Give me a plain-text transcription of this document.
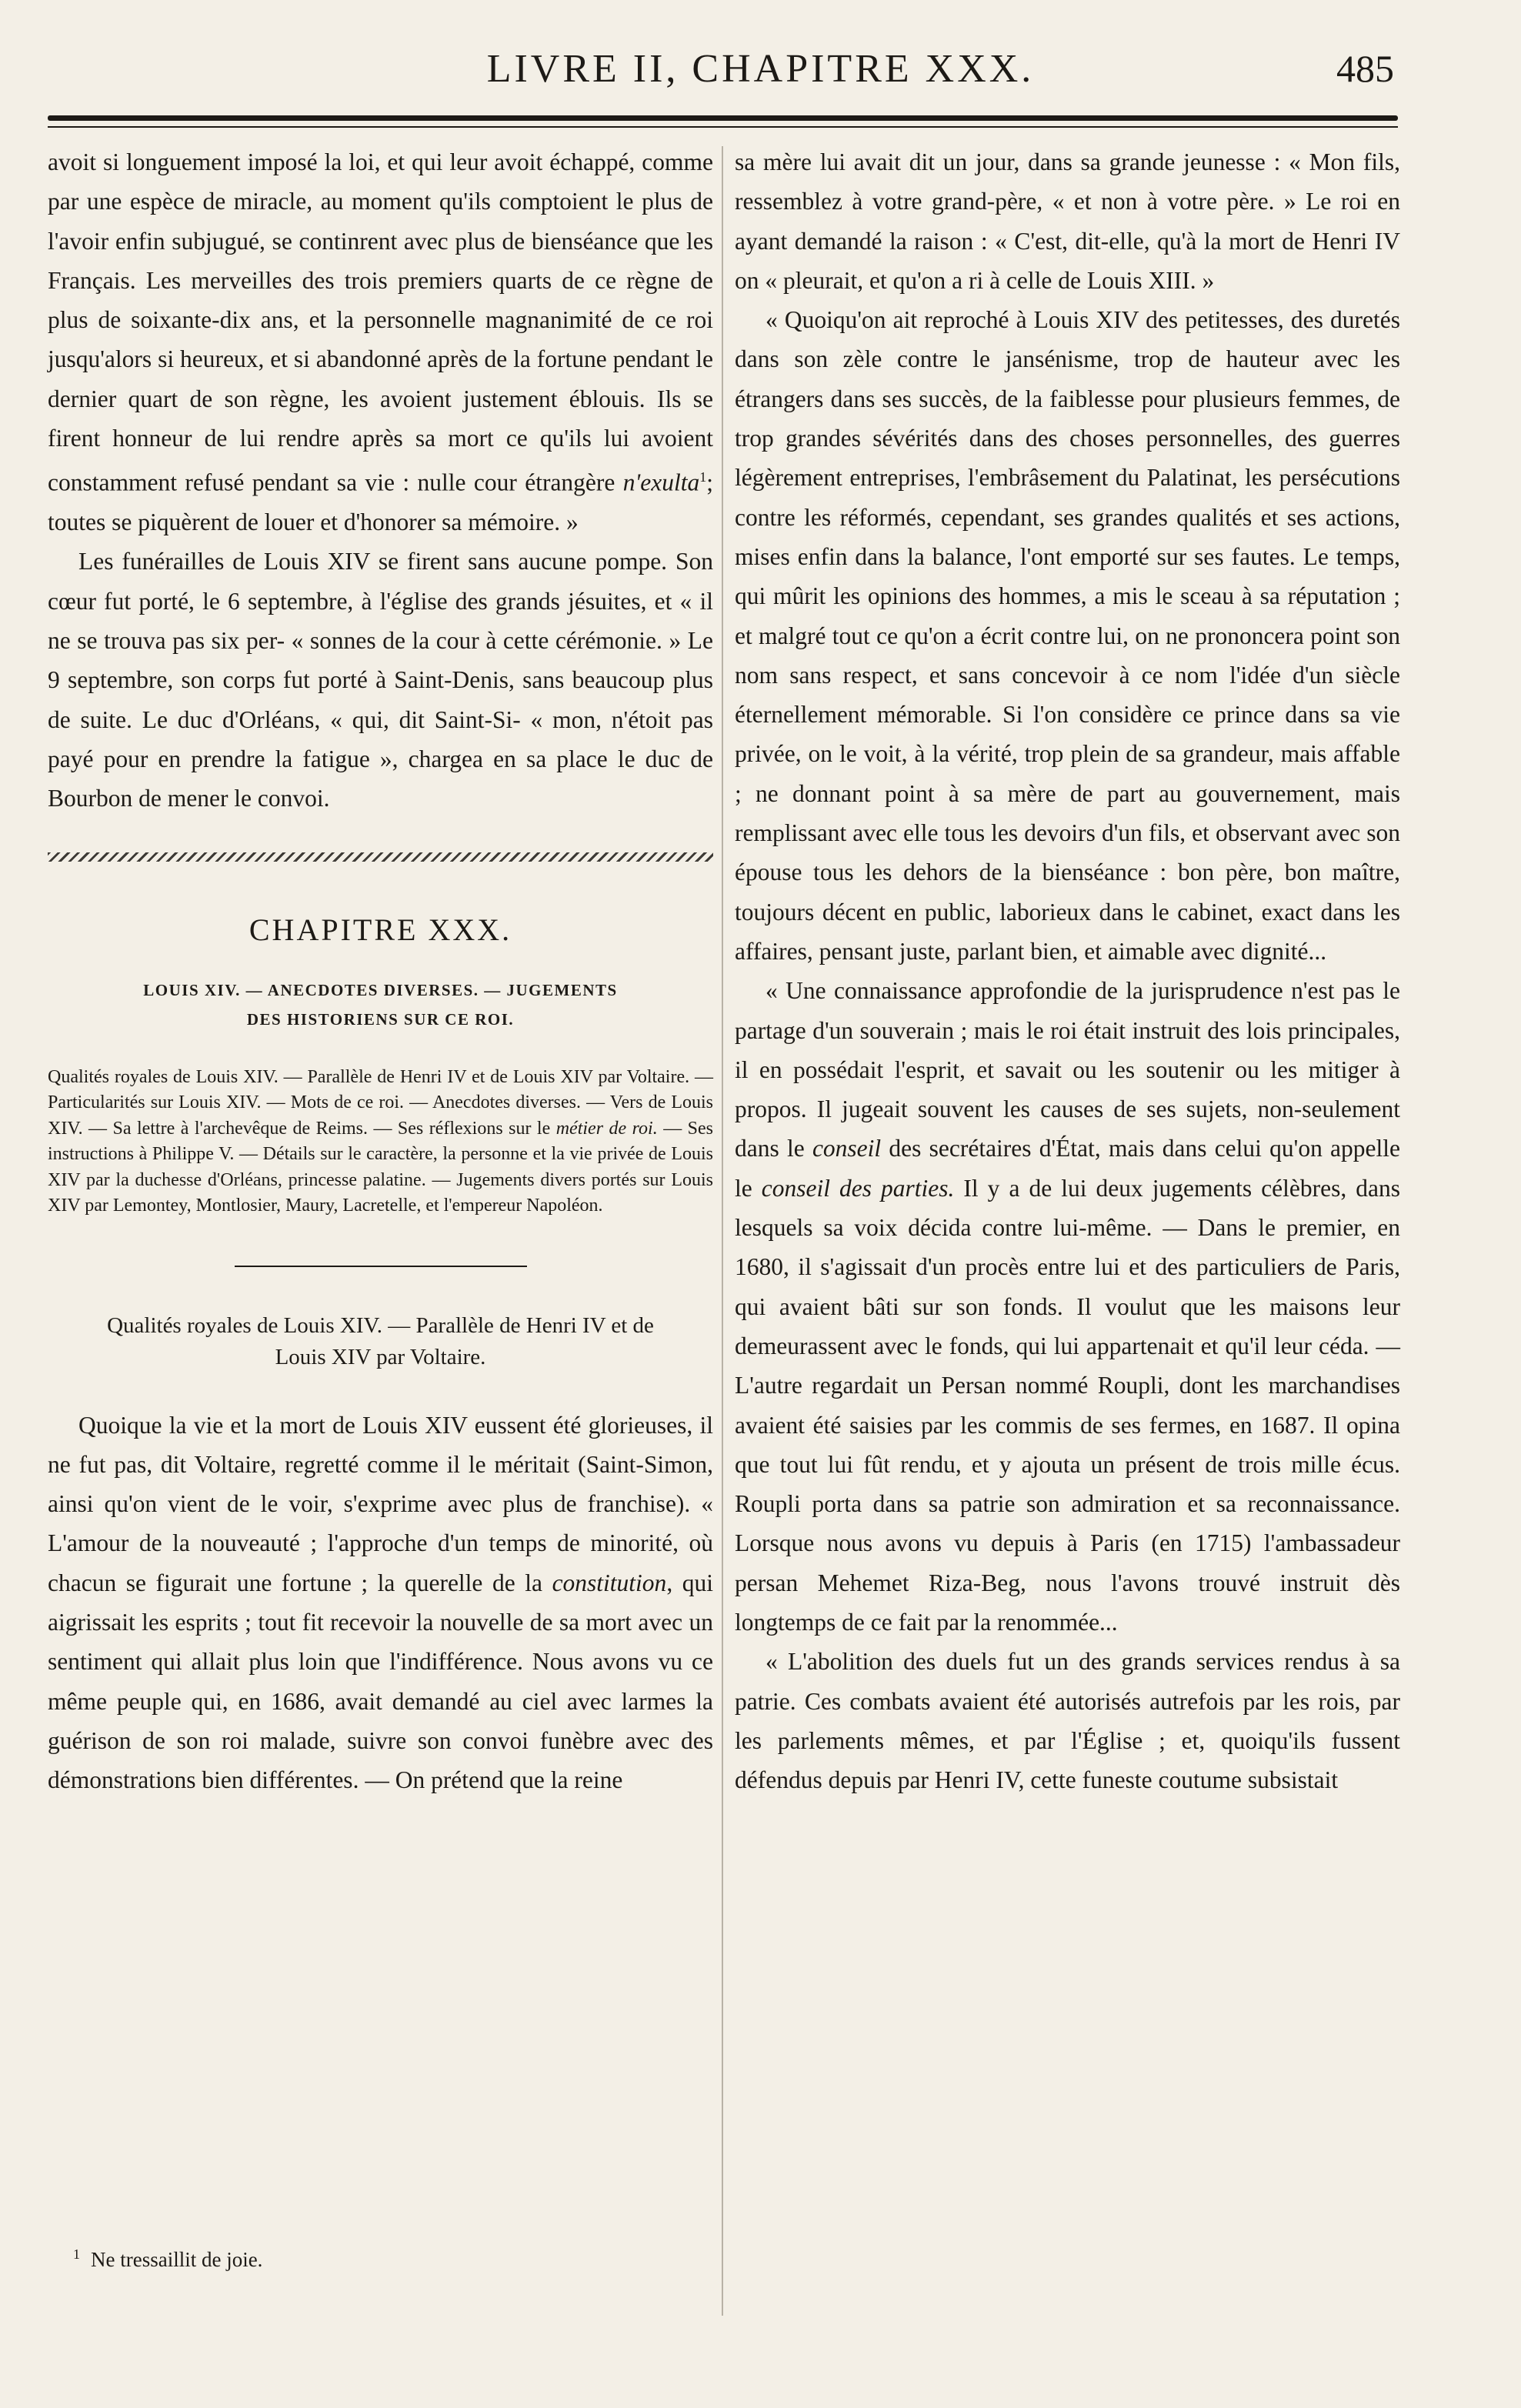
LIVRE II, CHAPITRE XXX.	485

avoit si longuement imposé la loi, et qui leur avoit échappé, comme par une espèce de miracle, au moment qu'ils comptoient le plus de l'avoir enfin subjugué, se continrent avec plus de bienséance que les Français. Les merveilles des trois premiers quarts de ce règne de plus de soixante-dix ans, et la personnelle magnanimité de ce roi jusqu'alors si heureux, et si abandonné après de la fortune pendant le dernier quart de son règne, les avoient justement éblouis. Ils se firent honneur de lui rendre après sa mort ce qu'ils lui avoient constamment refusé pendant sa vie : nulle cour étrangère n'exulta$^1$; toutes se piquèrent de louer et d'honorer sa mémoire. »

Les funérailles de Louis XIV se firent sans aucune pompe. Son cœur fut porté, le 6 septembre, à l'église des grands jésuites, et « il ne se trouva pas six per- « sonnes de la cour à cette cérémonie. » Le 9 septembre, son corps fut porté à Saint-Denis, sans beaucoup plus de suite. Le duc d'Orléans, « qui, dit Saint-Si- « mon, n'étoit pas payé pour en prendre la fatigue », chargea en sa place le duc de Bourbon de mener le convoi.

CHAPITRE XXX.
LOUIS XIV. — ANECDOTES DIVERSES. — JUGEMENTS
DES HISTORIENS SUR CE ROI.
Qualités royales de Louis XIV. — Parallèle de Henri IV et de Louis XIV par Voltaire. — Particularités sur Louis XIV. — Mots de ce roi. — Anecdotes diverses. — Vers de Louis XIV. — Sa lettre à l'archevêque de Reims. — Ses réflexions sur le métier de roi. — Ses instructions à Philippe V. — Détails sur le caractère, la personne et la vie privée de Louis XIV par la duchesse d'Orléans, princesse palatine. — Jugements divers portés sur Louis XIV par Lemontey, Montlosier, Maury, Lacretelle, et l'empereur Napoléon.
Qualités royales de Louis XIV. — Parallèle de Henri IV et de Louis XIV par Voltaire.

Quoique la vie et la mort de Louis XIV eussent été glorieuses, il ne fut pas, dit Voltaire, regretté comme il le méritait (Saint-Simon, ainsi qu'on vient de le voir, s'exprime avec plus de franchise). « L'amour de la nouveauté ; l'approche d'un temps de minorité, où chacun se figurait une fortune ; la querelle de la constitution, qui aigrissait les esprits ; tout fit recevoir la nouvelle de sa mort avec un sentiment qui allait plus loin que l'indifférence. Nous avons vu ce même peuple qui, en 1686, avait demandé au ciel avec larmes la guérison de son roi malade, suivre son convoi funèbre avec des démonstrations bien différentes. — On prétend que la reine

sa mère lui avait dit un jour, dans sa grande jeunesse : « Mon fils, ressemblez à votre grand-père, « et non à votre père. » Le roi en ayant demandé la raison : « C'est, dit-elle, qu'à la mort de Henri IV on « pleurait, et qu'on a ri à celle de Louis XIII. »

« Quoiqu'on ait reproché à Louis XIV des petitesses, des duretés dans son zèle contre le jansénisme, trop de hauteur avec les étrangers dans ses succès, de la faiblesse pour plusieurs femmes, de trop grandes sévérités dans des choses personnelles, des guerres légèrement entreprises, l'embrâsement du Palatinat, les persécutions contre les réformés, cependant, ses grandes qualités et ses actions, mises enfin dans la balance, l'ont emporté sur ses fautes. Le temps, qui mûrit les opinions des hommes, a mis le sceau à sa réputation ; et malgré tout ce qu'on a écrit contre lui, on ne prononcera point son nom sans respect, et sans concevoir à ce nom l'idée d'un siècle éternellement mémorable. Si l'on considère ce prince dans sa vie privée, on le voit, à la vérité, trop plein de sa grandeur, mais affable ; ne donnant point à sa mère de part au gouvernement, mais remplissant avec elle tous les devoirs d'un fils, et observant avec son épouse tous les dehors de la bienséance : bon père, bon maître, toujours décent en public, laborieux dans le cabinet, exact dans les affaires, pensant juste, parlant bien, et aimable avec dignité...

« Une connaissance approfondie de la jurisprudence n'est pas le partage d'un souverain ; mais le roi était instruit des lois principales, il en possédait l'esprit, et savait ou les soutenir ou les mitiger à propos. Il jugeait souvent les causes de ses sujets, non-seulement dans le conseil des secrétaires d'État, mais dans celui qu'on appelle le conseil des parties. Il y a de lui deux jugements célèbres, dans lesquels sa voix décida contre lui-même. — Dans le premier, en 1680, il s'agissait d'un procès entre lui et des particuliers de Paris, qui avaient bâti sur son fonds. Il voulut que les maisons leur demeurassent avec le fonds, qui lui appartenait et qu'il leur céda. — L'autre regardait un Persan nommé Roupli, dont les marchandises avaient été saisies par les commis de ses fermes, en 1687. Il opina que tout lui fût rendu, et y ajouta un présent de trois mille écus. Roupli porta dans sa patrie son admiration et sa reconnaissance. Lorsque nous avons vu depuis à Paris (en 1715) l'ambassadeur persan Mehemet Riza-Beg, nous l'avons trouvé instruit dès longtemps de ce fait par la renommée...

« L'abolition des duels fut un des grands services rendus à sa patrie. Ces combats avaient été autorisés autrefois par les rois, par les parlements mêmes, et par l'Église ; et, quoiqu'ils fussent défendus depuis par Henri IV, cette funeste coutume subsistait

$^1$ Ne tressaillit de joie.
